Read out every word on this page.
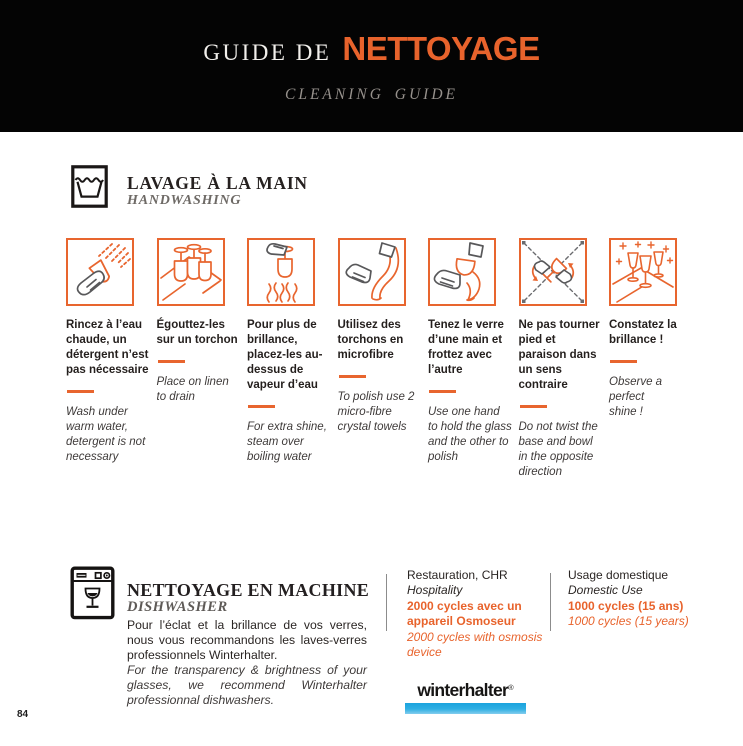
GUIDE DE NETTOYAGE
CLEANING GUIDE
LAVAGE À LA MAIN
HANDWASHING
Rincez à l’eau chaude, un détergent n’est pas nécessaire
Wash under warm water, detergent is not necessary
Égouttez-les sur un torchon
Place on linen to drain
Pour plus de brillance, placez-les au-dessus de vapeur d’eau
For extra shine, steam over boiling water
Utilisez des torchons en microfibre
To polish use 2 micro-fibre crystal towels
Tenez le verre d’une main et frottez avec l’autre
Use one hand to hold the glass and the other to polish
Ne pas tourner pied et paraison dans un sens contraire
Do not twist the base and bowl in the opposite direction
Constatez la brillance !
Observe a perfect shine !
NETTOYAGE EN MACHINE
DISHWASHER
Pour l’éclat et la brillance de vos verres, nous vous recommandons les laves-verres professionnels Winterhalter.
For the transparency & brightness of your glasses, we recommend Winterhalter professionnal dishwashers.
Restauration, CHR
Hospitality
2000 cycles avec un appareil Osmoseur
2000 cycles with osmosis device
Usage domestique
Domestic Use
1000 cycles (15 ans)
1000 cycles (15 years)
winterhalter®
84
